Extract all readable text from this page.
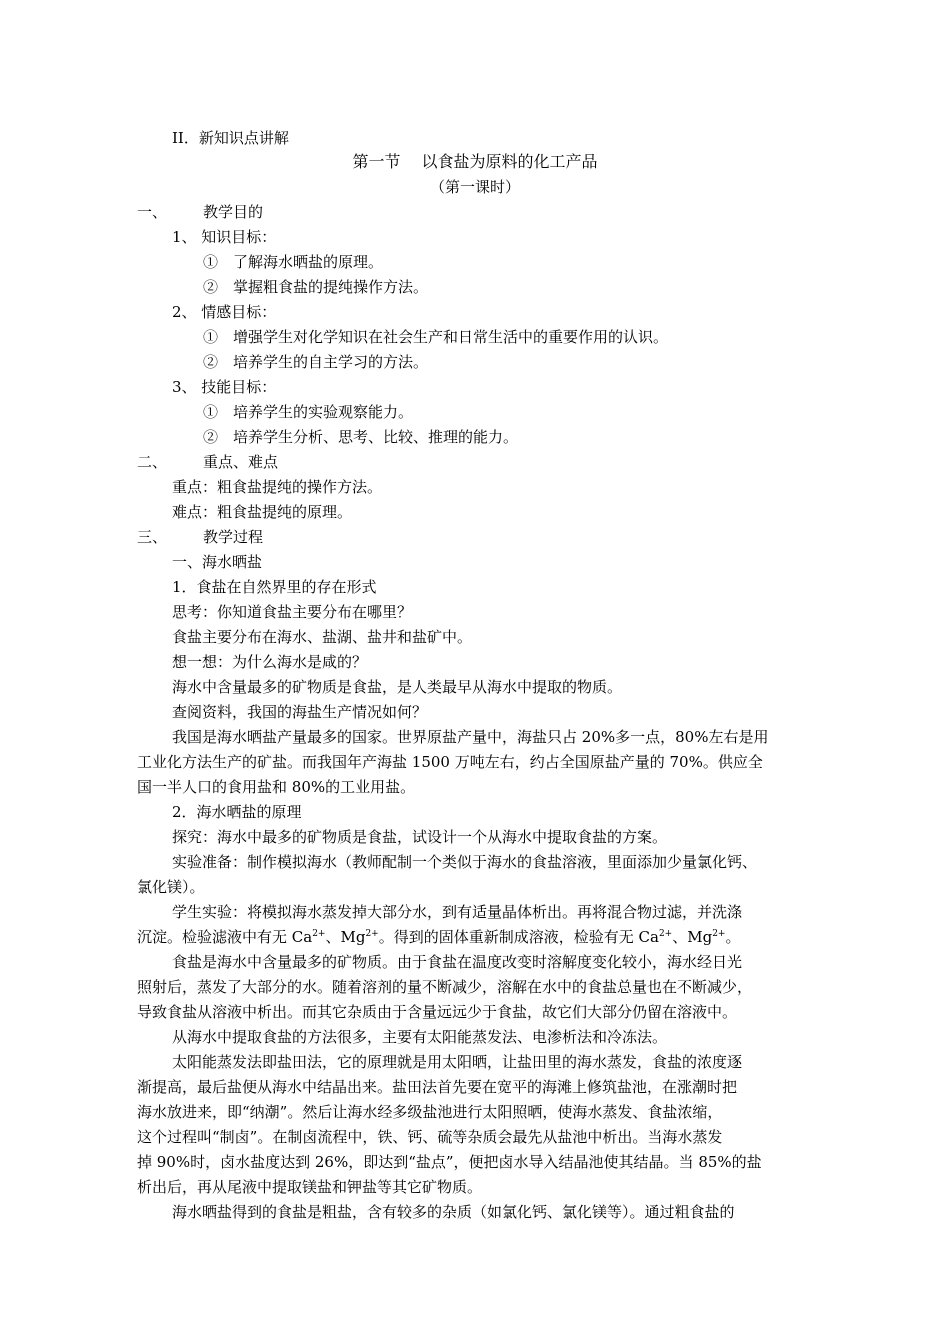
II．新知识点讲解
第一节　 以食盐为原料的化工产品
（第一课时）
一、 教学目的
1、 知识目标：
①　了解海水晒盐的原理。
②　掌握粗食盐的提纯操作方法。
2、 情感目标：
①　增强学生对化学知识在社会生产和日常生活中的重要作用的认识。
②　培养学生的自主学习的方法。
3、 技能目标：
①　培养学生的实验观察能力。
②　培养学生分析、思考、比较、推理的能力。
二、 重点、难点
重点：粗食盐提纯的操作方法。
难点：粗食盐提纯的原理。
三、 教学过程
一、海水晒盐
1．食盐在自然界里的存在形式
思考：你知道食盐主要分布在哪里？
食盐主要分布在海水、盐湖、盐井和盐矿中。
想一想：为什么海水是咸的？
海水中含量最多的矿物质是食盐，是人类最早从海水中提取的物质。
查阅资料，我国的海盐生产情况如何？
我国是海水晒盐产量最多的国家。世界原盐产量中，海盐只占 20%多一点，80%左右是用
工业化方法生产的矿盐。而我国年产海盐 1500 万吨左右，约占全国原盐产量的 70%。供应全
国一半人口的食用盐和 80%的工业用盐。
2．海水晒盐的原理
探究：海水中最多的矿物质是食盐，试设计一个从海水中提取食盐的方案。
实验准备：制作模拟海水（教师配制一个类似于海水的食盐溶液，里面添加少量氯化钙、
氯化镁）。
学生实验：将模拟海水蒸发掉大部分水，到有适量晶体析出。再将混合物过滤，并洗涤
沉淀。检验滤液中有无 $Ca^{2+}$、$Mg^{2+}$。得到的固体重新制成溶液，检验有无 $Ca^{2+}$、$Mg^{2+}$。
食盐是海水中含量最多的矿物质。由于食盐在温度改变时溶解度变化较小，海水经日光
照射后，蒸发了大部分的水。随着溶剂的量不断减少，溶解在水中的食盐总量也在不断减少，
导致食盐从溶液中析出。而其它杂质由于含量远远少于食盐，故它们大部分仍留在溶液中。
从海水中提取食盐的方法很多，主要有太阳能蒸发法、电渗析法和冷冻法。
太阳能蒸发法即盐田法，它的原理就是用太阳晒，让盐田里的海水蒸发，食盐的浓度逐
渐提高，最后盐便从海水中结晶出来。盐田法首先要在宽平的海滩上修筑盐池，在涨潮时把
海水放进来，即“纳潮”。然后让海水经多级盐池进行太阳照晒，使海水蒸发、食盐浓缩，
这个过程叫“制卤”。在制卤流程中，铁、钙、硫等杂质会最先从盐池中析出。当海水蒸发
掉 90%时，卤水盐度达到 26%，即达到“盐点”，便把卤水导入结晶池使其结晶。当 85%的盐
析出后，再从尾液中提取镁盐和钾盐等其它矿物质。
海水晒盐得到的食盐是粗盐，含有较多的杂质（如氯化钙、氯化镁等）。通过粗食盐的
